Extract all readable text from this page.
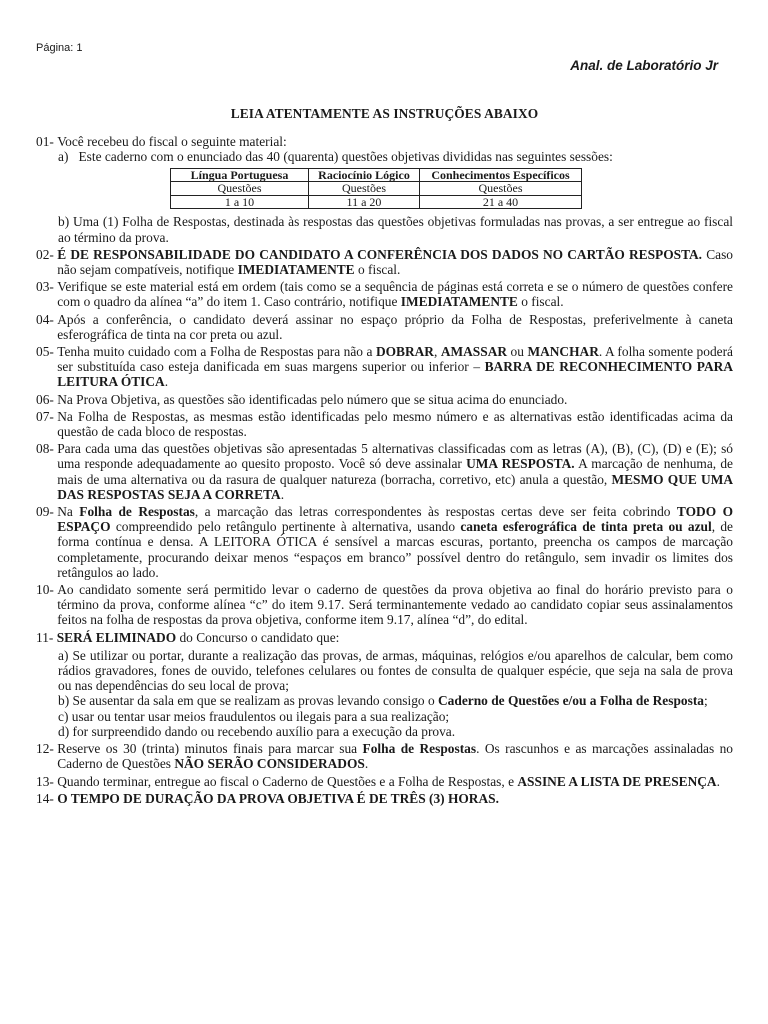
Página: 1
Anal. de Laboratório Jr
LEIA ATENTAMENTE AS INSTRUÇÕES ABAIXO
01- Você recebeu do fiscal o seguinte material:
a) Este caderno com o enunciado das 40 (quarenta) questões objetivas divididas nas seguintes sessões:
Língua Portuguesa	Raciocínio Lógico	Conhecimentos Específicos
Questões	Questões	Questões
1 a 10	11 a 20	21 a 40
b) Uma (1) Folha de Respostas, destinada às respostas das questões objetivas formuladas nas provas, a ser entregue ao fiscal ao término da prova.
02- É DE RESPONSABILIDADE DO CANDIDATO A CONFERÊNCIA DOS DADOS NO CARTÃO RESPOSTA. Caso não sejam compatíveis, notifique IMEDIATAMENTE o fiscal.
03- Verifique se este material está em ordem (tais como se a sequência de páginas está correta e se o número de questões confere com o quadro da alínea “a” do item 1. Caso contrário, notifique IMEDIATAMENTE o fiscal.
04- Após a conferência, o candidato deverá assinar no espaço próprio da Folha de Respostas, preferivelmente à caneta esferográfica de tinta na cor preta ou azul.
05- Tenha muito cuidado com a Folha de Respostas para não a DOBRAR, AMASSAR ou MANCHAR. A folha somente poderá ser substituída caso esteja danificada em suas margens superior ou inferior – BARRA DE RECONHECIMENTO PARA LEITURA ÓTICA.
06- Na Prova Objetiva, as questões são identificadas pelo número que se situa acima do enunciado.
07- Na Folha de Respostas, as mesmas estão identificadas pelo mesmo número e as alternativas estão identificadas acima da questão de cada bloco de respostas.
08- Para cada uma das questões objetivas são apresentadas 5 alternativas classificadas com as letras (A), (B), (C), (D) e (E); só uma responde adequadamente ao quesito proposto. Você só deve assinalar UMA RESPOSTA. A marcação de nenhuma, de mais de uma alternativa ou da rasura de qualquer natureza (borracha, corretivo, etc) anula a questão, MESMO QUE UMA DAS RESPOSTAS SEJA A CORRETA.
09- Na Folha de Respostas, a marcação das letras correspondentes às respostas certas deve ser feita cobrindo TODO O ESPAÇO compreendido pelo retângulo pertinente à alternativa, usando caneta esferográfica de tinta preta ou azul, de forma contínua e densa. A LEITORA ÓTICA é sensível a marcas escuras, portanto, preencha os campos de marcação completamente, procurando deixar menos “espaços em branco” possível dentro do retângulo, sem invadir os limites dos retângulos ao lado.
10- Ao candidato somente será permitido levar o caderno de questões da prova objetiva ao final do horário previsto para o término da prova, conforme alínea “c” do item 9.17. Será terminantemente vedado ao candidato copiar seus assinalamentos feitos na folha de respostas da prova objetiva, conforme item 9.17, alínea “d”, do edital.
11- SERÁ ELIMINADO do Concurso o candidato que:
a) Se utilizar ou portar, durante a realização das provas, de armas, máquinas, relógios e/ou aparelhos de calcular, bem como rádios gravadores, fones de ouvido, telefones celulares ou fontes de consulta de qualquer espécie, que seja na sala de prova ou nas dependências do seu local de prova;
b) Se ausentar da sala em que se realizam as provas levando consigo o Caderno de Questões e/ou a Folha de Resposta;
c) usar ou tentar usar meios fraudulentos ou ilegais para a sua realização;
d) for surpreendido dando ou recebendo auxílio para a execução da prova.
12- Reserve os 30 (trinta) minutos finais para marcar sua Folha de Respostas. Os rascunhos e as marcações assinaladas no Caderno de Questões NÃO SERÃO CONSIDERADOS.
13- Quando terminar, entregue ao fiscal o Caderno de Questões e a Folha de Respostas, e ASSINE A LISTA DE PRESENÇA.
14- O TEMPO DE DURAÇÃO DA PROVA OBJETIVA É DE TRÊS (3) HORAS.
